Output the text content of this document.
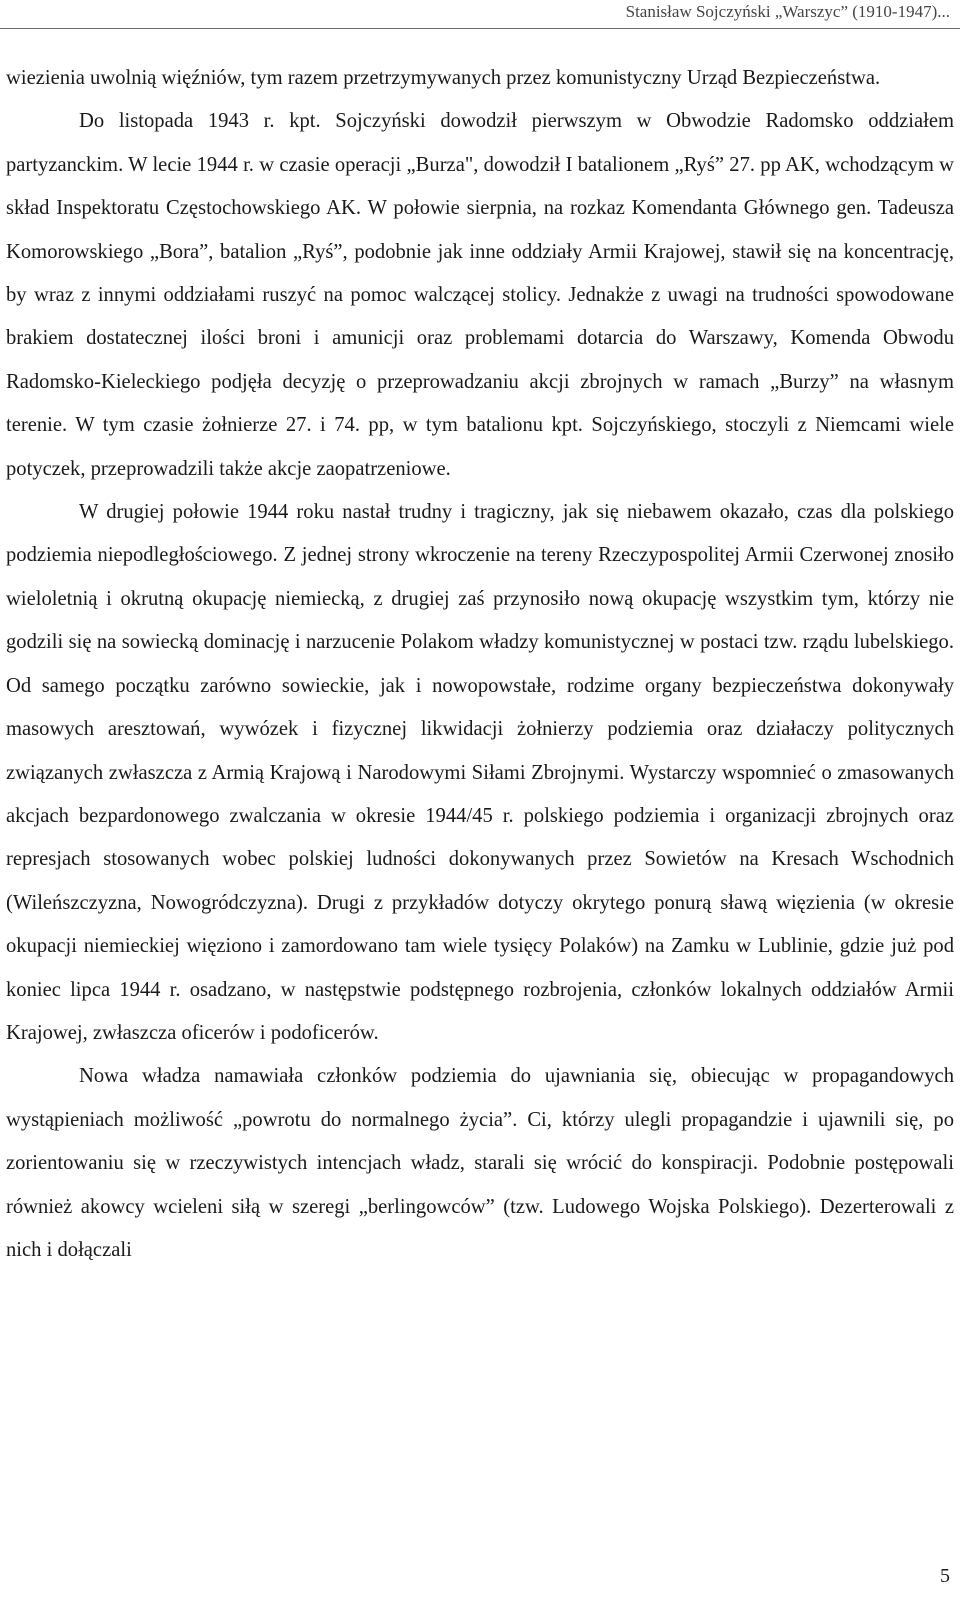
Stanisław Sojczyński „Warszyc” (1910-1947)...

wiezienia uwolnią więźniów, tym razem przetrzymywanych przez komunistyczny Urząd Bezpieczeństwa.

Do listopada 1943 r. kpt. Sojczyński dowodził pierwszym w Obwodzie Radomsko oddziałem partyzanckim. W lecie 1944 r. w czasie operacji „Burza", dowodził I batalionem „Ryś” 27. pp AK, wchodzącym w skład Inspektoratu Częstochowskiego AK. W połowie sierpnia, na rozkaz Komendanta Głównego gen. Tadeusza Komorowskiego „Bora”, batalion „Ryś”, podobnie jak inne oddziały Armii Krajowej, stawił się na koncentrację, by wraz z innymi oddziałami ruszyć na pomoc walczącej stolicy. Jednakże z uwagi na trudności spowodowane brakiem dostatecznej ilości broni i amunicji oraz problemami dotarcia do Warszawy, Komenda Obwodu Radomsko-Kieleckiego podjęła decyzję o przeprowadzaniu akcji zbrojnych w ramach „Burzy” na własnym terenie. W tym czasie żołnierze 27. i 74. pp, w tym batalionu kpt. Sojczyńskiego, stoczyli z Niemcami wiele potyczek, przeprowadzili także akcje zaopatrzeniowe.

W drugiej połowie 1944 roku nastał trudny i tragiczny, jak się niebawem okazało, czas dla polskiego podziemia niepodległościowego. Z jednej strony wkroczenie na tereny Rzeczypospolitej Armii Czerwonej znosiło wieloletnią i okrutną okupację niemiecką, z drugiej zaś przynosiło nową okupację wszystkim tym, którzy nie godzili się na sowiecką dominację i narzucenie Polakom władzy komunistycznej w postaci tzw. rządu lubelskiego. Od samego początku zarówno sowieckie, jak i nowopowstałe, rodzime organy bezpieczeństwa dokonywały masowych aresztowań, wywózek i fizycznej likwidacji żołnierzy podziemia oraz działaczy politycznych związanych zwłaszcza z Armią Krajową i Narodowymi Siłami Zbrojnymi. Wystarczy wspomnieć o zmasowanych akcjach bezpardonowego zwalczania w okresie 1944/45 r. polskiego podziemia i organizacji zbrojnych oraz represjach stosowanych wobec polskiej ludności dokonywanych przez Sowietów na Kresach Wschodnich (Wileńszczyzna, Nowogródczyzna). Drugi z przykładów dotyczy okrytego ponurą sławą więzienia (w okresie okupacji niemieckiej więziono i zamordowano tam wiele tysięcy Polaków) na Zamku w Lublinie, gdzie już pod koniec lipca 1944 r. osadzano, w następstwie podstępnego rozbrojenia, członków lokalnych oddziałów Armii Krajowej, zwłaszcza oficerów i podoficerów.

Nowa władza namawiała członków podziemia do ujawniania się, obiecując w propagandowych wystąpieniach możliwość „powrotu do normalnego życia”. Ci, którzy ulegli propagandzie i ujawnili się, po zorientowaniu się w rzeczywistych intencjach władz, starali się wrócić do konspiracji. Podobnie postępowali również akowcy wcieleni siłą w szeregi „berlingowców” (tzw. Ludowego Wojska Polskiego). Dezerterowali z nich i dołączali

5
